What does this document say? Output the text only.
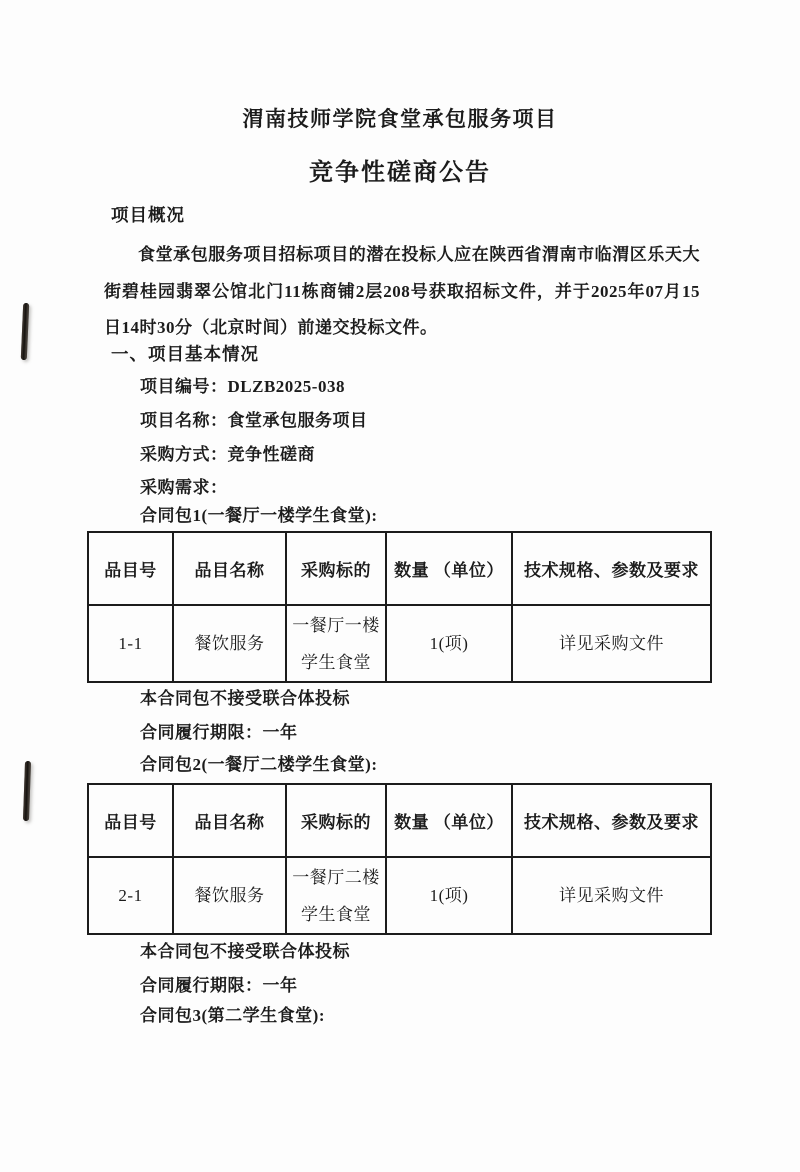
渭南技师学院食堂承包服务项目
竞争性磋商公告
项目概况

食堂承包服务项目招标项目的潜在投标人应在陕西省渭南市临渭区乐天大街碧桂园翡翠公馆北门11栋商铺2层208号获取招标文件，并于2025年07月15日14时30分（北京时间）前递交投标文件。

一、项目基本情况
项目编号：DLZB2025-038
项目名称：食堂承包服务项目
采购方式：竞争性磋商
采购需求：
合同包1(一餐厅一楼学生食堂):
品目号	品目名称	采购标的	数量 （单位）	技术规格、参数及要求
1-1	餐饮服务	一餐厅一楼学生食堂	1(项)	详见采购文件
本合同包不接受联合体投标
合同履行期限：一年
合同包2(一餐厅二楼学生食堂):
品目号	品目名称	采购标的	数量 （单位）	技术规格、参数及要求
2-1	餐饮服务	一餐厅二楼学生食堂	1(项)	详见采购文件
本合同包不接受联合体投标
合同履行期限：一年
合同包3(第二学生食堂):
